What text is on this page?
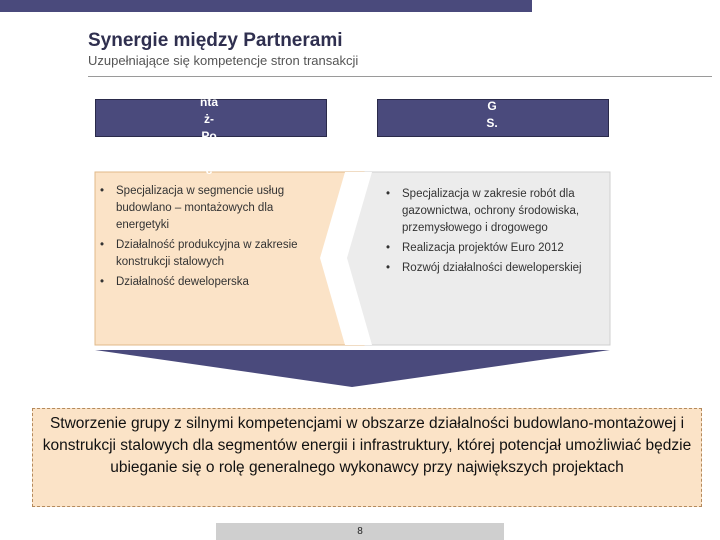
Synergie między Partnerami
Uzupełniające się kompetencje stron transakcji
nta
ż-
Po
no
c
G
S.
• Specjalizacja w segmencie usług budowlano – montażowych dla energetyki
• Działalność produkcyjna w zakresie konstrukcji stalowych
• Działalność deweloperska
• Specjalizacja w zakresie robót dla gazownictwa, ochrony środowiska, przemysłowego i drogowego
• Realizacja projektów Euro 2012
• Rozwój działalności deweloperskiej
Stworzenie grupy z silnymi kompetencjami w obszarze działalności budowlano-montażowej i konstrukcji stalowych dla segmentów energii i infrastruktury, której potencjał umożliwiać będzie ubieganie się o rolę generalnego wykonawcy przy największych projektach
8
